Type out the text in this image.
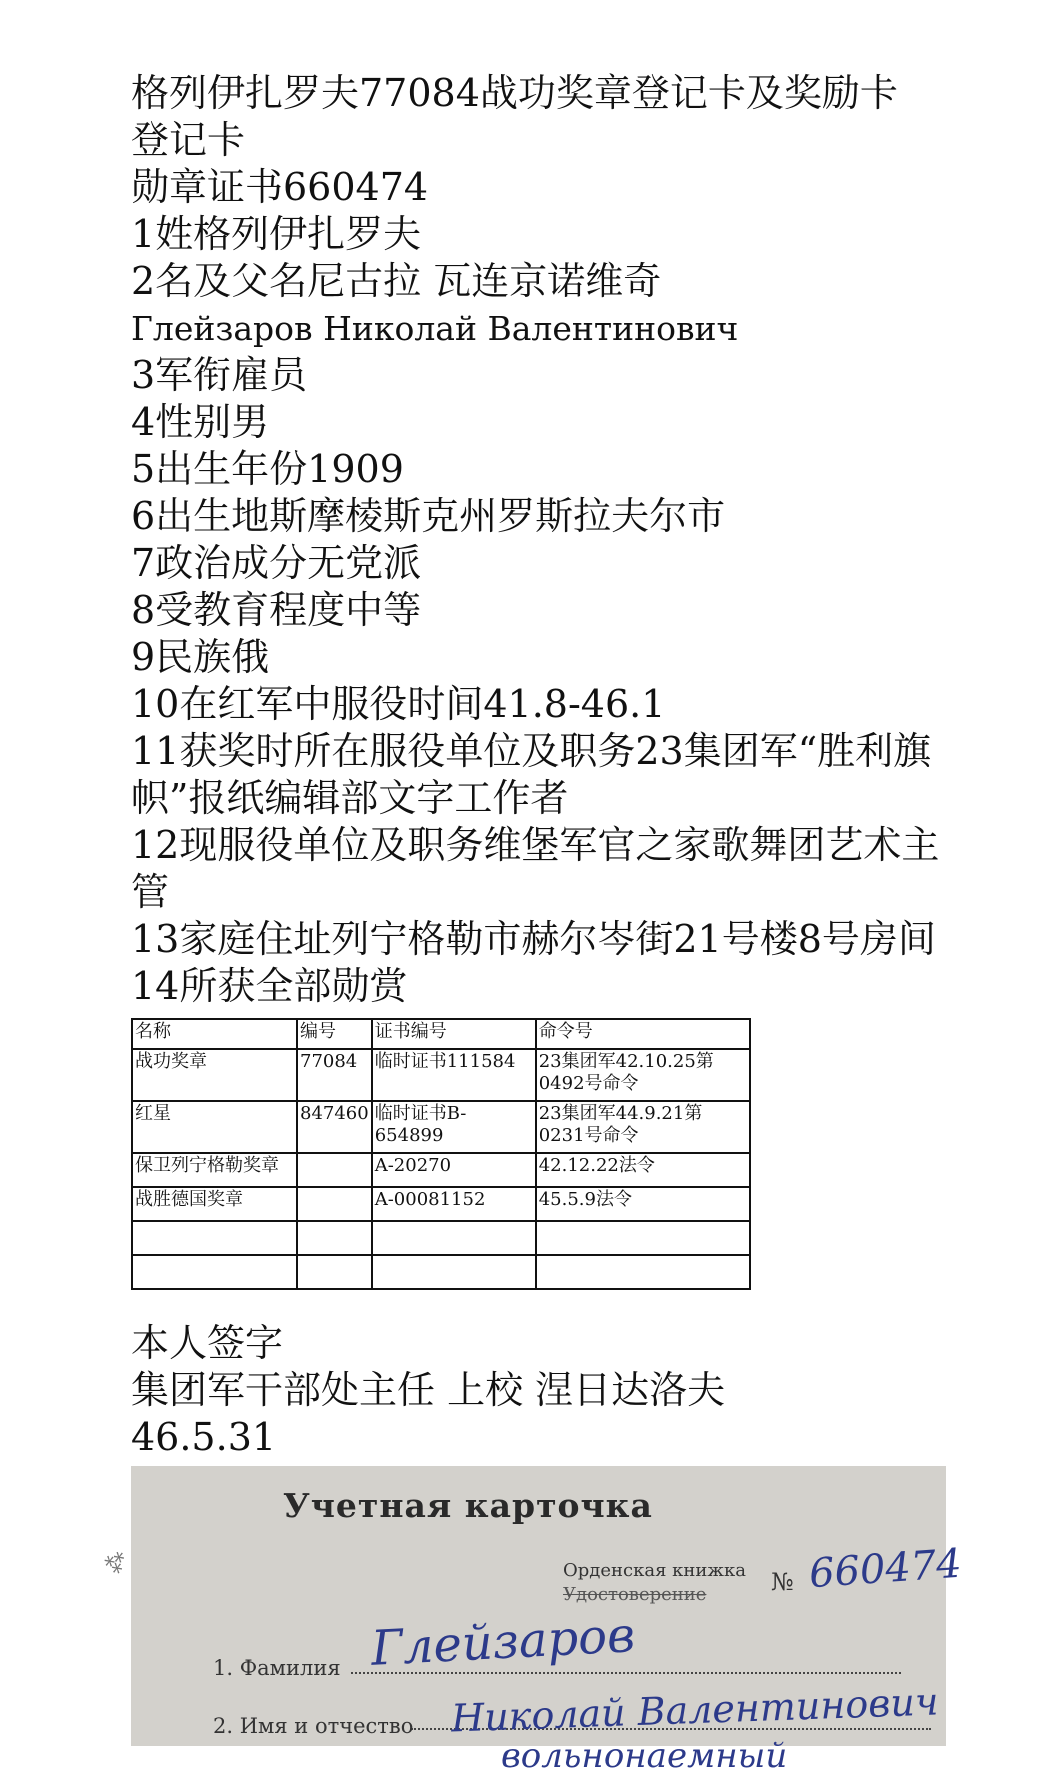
格列伊扎罗夫77084战功奖章登记卡及奖励卡
登记卡
勋章证书660474
1姓格列伊扎罗夫
2名及父名尼古拉 瓦连京诺维奇
Глейзаров Николай Валентинович
3军衔雇员
4性别男
5出生年份1909
6出生地斯摩棱斯克州罗斯拉夫尔市
7政治成分无党派
8受教育程度中等
9民族俄
10在红军中服役时间41.8-46.1
11获奖时所在服役单位及职务23集团军“胜利旗帜”报纸编辑部文字工作者
12现服役单位及职务维堡军官之家歌舞团艺术主管
13家庭住址列宁格勒市赫尔岑街21号楼8号房间
14所获全部勋赏
名称	编号	证书编号	命令号
战功奖章	77084	临时证书111584	23集团军42.10.25第0492号命令
红星	847460	临时证书B-654899	23集团军44.9.21第0231号命令
保卫列宁格勒奖章		A-20270	42.12.22法令
战胜德国奖章		A-00081152	45.5.9法令

本人签字
集团军干部处主任 上校 涅日达洛夫
46.5.31
⁂
Учетная карточка
Орденская книжка
Удостоверение	№ 660474
Глейзаров
1. Фамилия
Николай Валентинович
2. Имя и отчество
вольнонаемный
